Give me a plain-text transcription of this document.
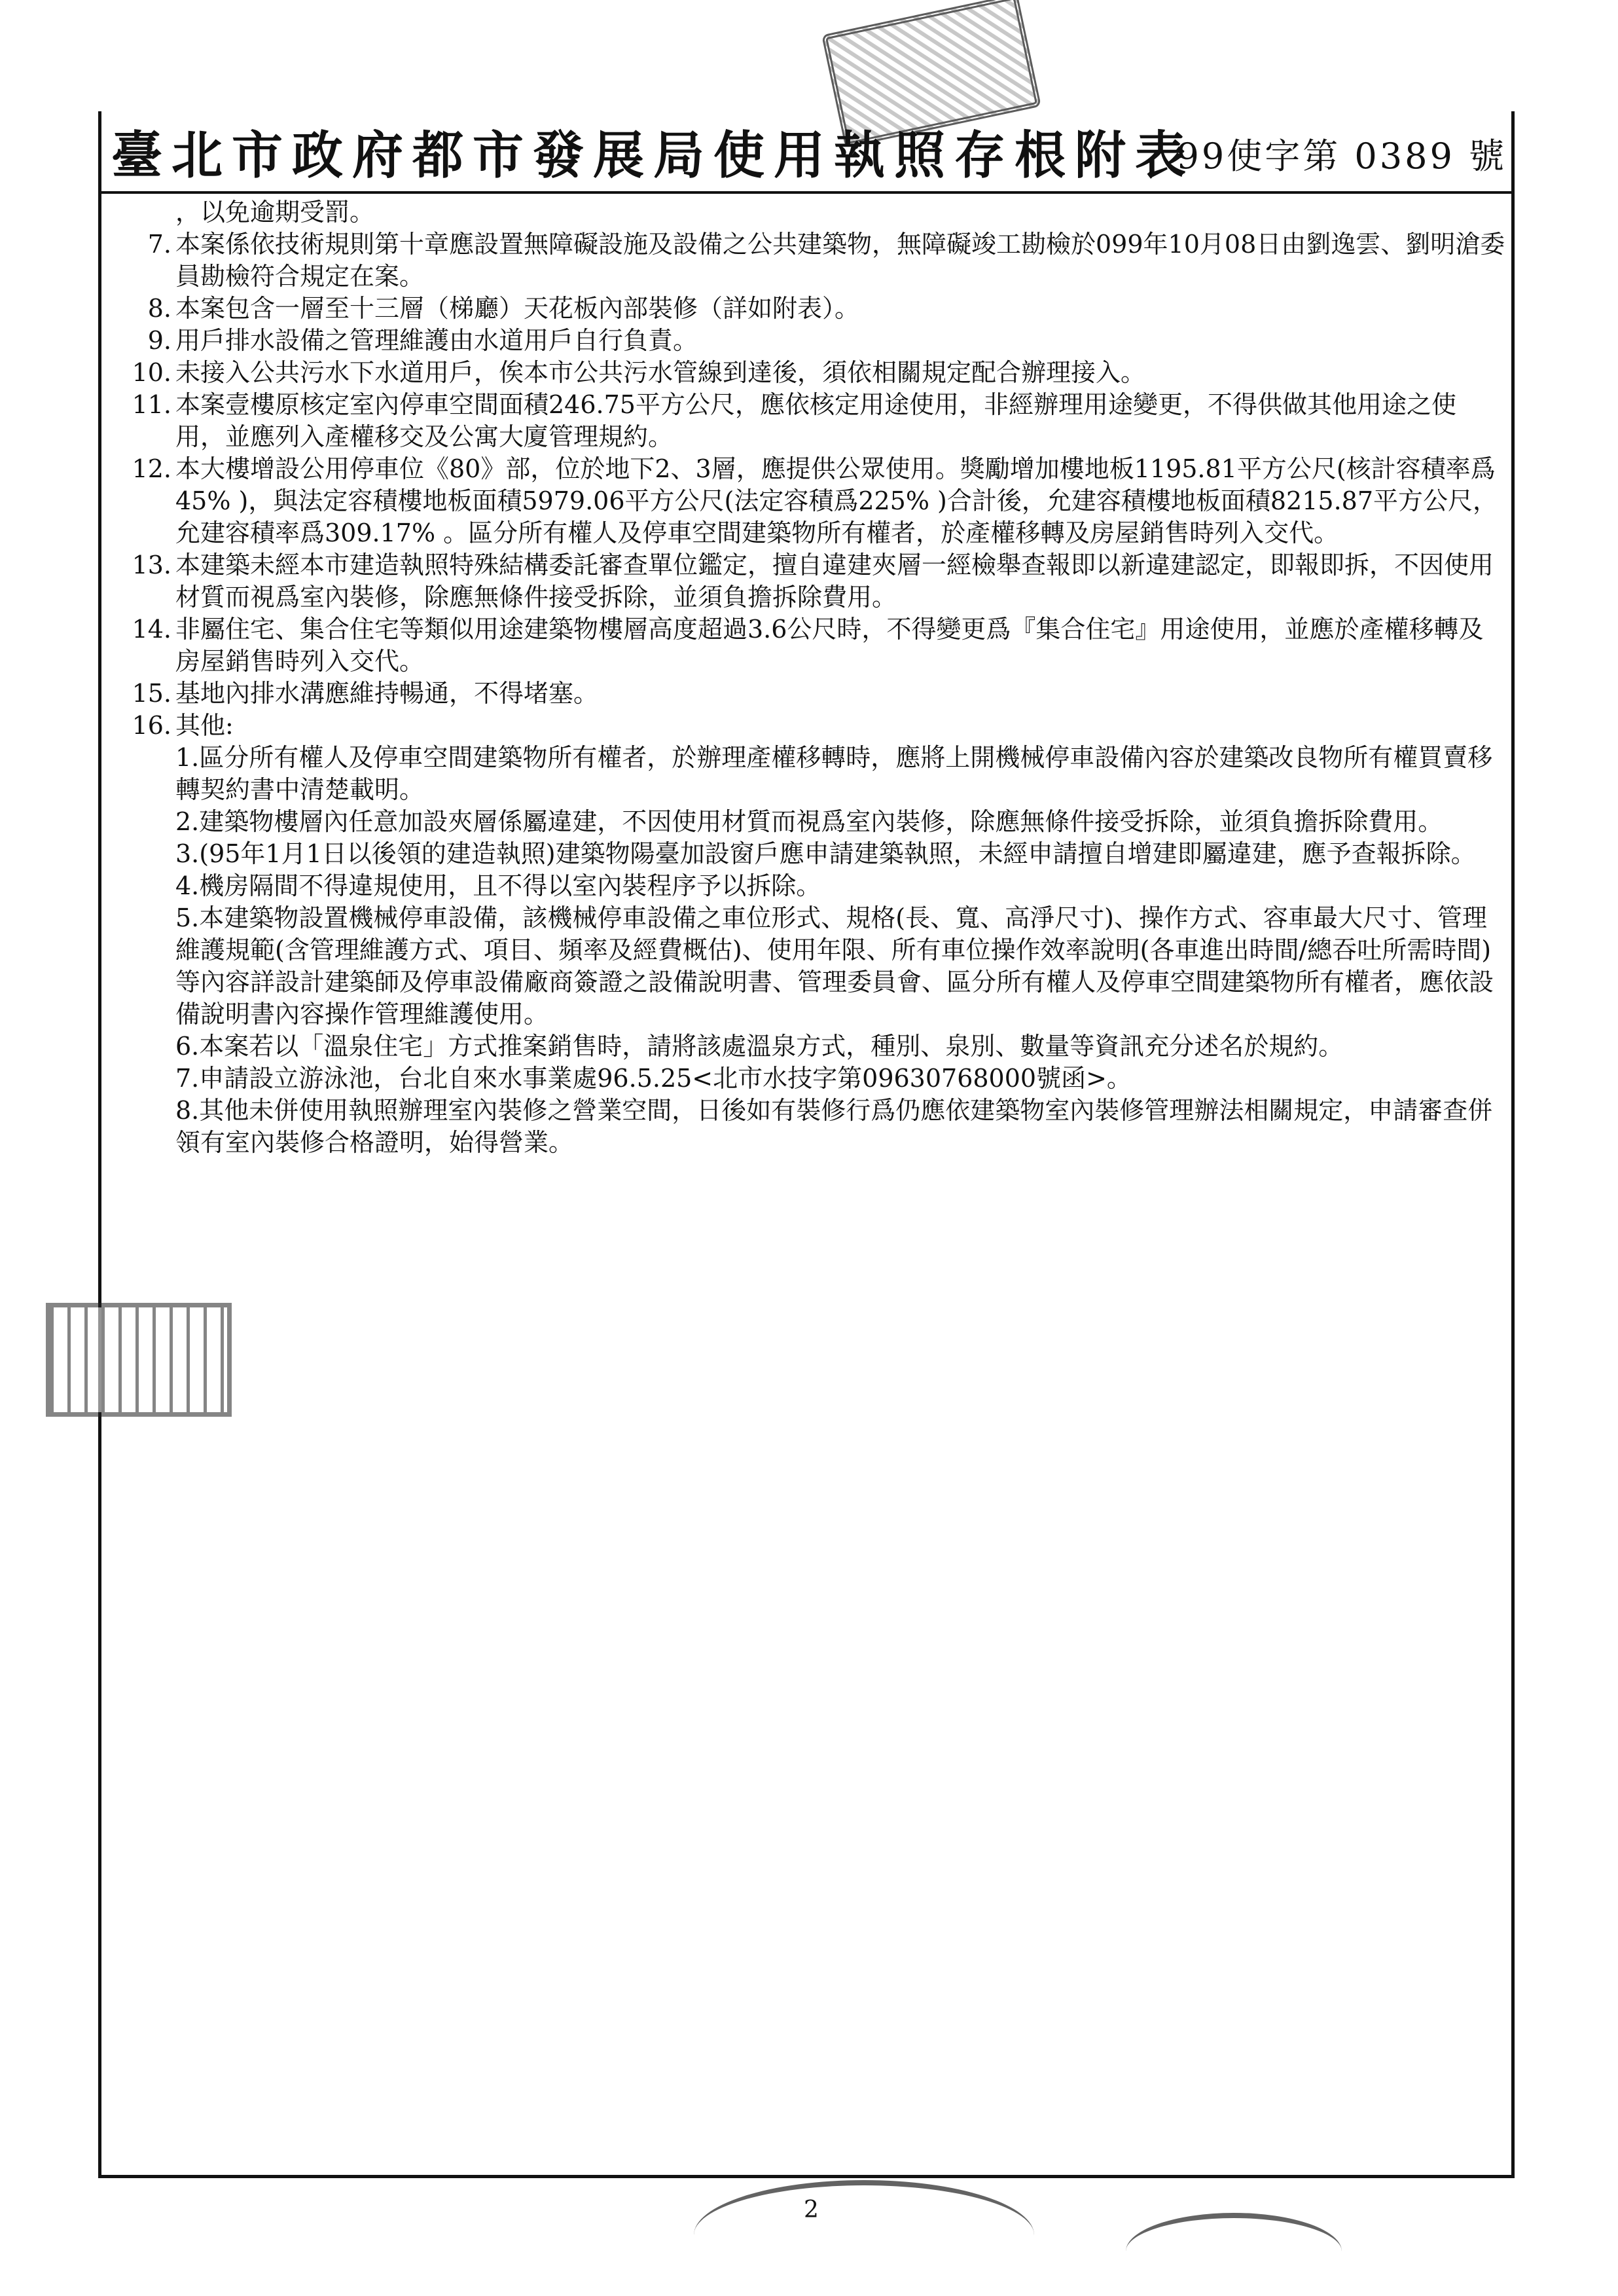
臺北市政府都市發展局使用執照存根附表
99使字第 0389 號
，以免逾期受罰。
7. 本案係依技術規則第十章應設置無障礙設施及設備之公共建築物，無障礙竣工勘檢於099年10月08日由劉逸雲、劉明滄委員勘檢符合規定在案。
8. 本案包含一層至十三層（梯廳）天花板內部裝修（詳如附表）。
9. 用戶排水設備之管理維護由水道用戶自行負責。
10. 未接入公共污水下水道用戶，俟本市公共污水管線到達後，須依相關規定配合辦理接入。
11. 本案壹樓原核定室內停車空間面積246.75平方公尺，應依核定用途使用，非經辦理用途變更，不得供做其他用途之使用，並應列入產權移交及公寓大廈管理規約。
12. 本大樓增設公用停車位《80》部，位於地下2、3層，應提供公眾使用。獎勵增加樓地板1195.81平方公尺(核計容積率爲45% )，與法定容積樓地板面積5979.06平方公尺(法定容積爲225% )合計後，允建容積樓地板面積8215.87平方公尺，允建容積率爲309.17% 。區分所有權人及停車空間建築物所有權者，於產權移轉及房屋銷售時列入交代。
13. 本建築未經本市建造執照特殊結構委託審查單位鑑定，擅自違建夾層一經檢舉查報即以新違建認定，即報即拆，不因使用材質而視爲室內裝修，除應無條件接受拆除，並須負擔拆除費用。
14. 非屬住宅、集合住宅等類似用途建築物樓層高度超過3.6公尺時，不得變更爲『集合住宅』用途使用，並應於產權移轉及房屋銷售時列入交代。
15. 基地內排水溝應維持暢通，不得堵塞。
16. 其他:
1.區分所有權人及停車空間建築物所有權者，於辦理產權移轉時，應將上開機械停車設備內容於建築改良物所有權買賣移轉契約書中清楚載明。
2.建築物樓層內任意加設夾層係屬違建，不因使用材質而視爲室內裝修，除應無條件接受拆除，並須負擔拆除費用。
3.(95年1月1日以後領的建造執照)建築物陽臺加設窗戶應申請建築執照，未經申請擅自增建即屬違建，應予查報拆除。
4.機房隔間不得違規使用，且不得以室內裝程序予以拆除。
5.本建築物設置機械停車設備，該機械停車設備之車位形式、規格(長、寬、高淨尺寸)、操作方式、容車最大尺寸、管理維護規範(含管理維護方式、項目、頻率及經費概估)、使用年限、所有車位操作效率說明(各車進出時間/總吞吐所需時間)等內容詳設計建築師及停車設備廠商簽證之設備說明書、管理委員會、區分所有權人及停車空間建築物所有權者，應依設備說明書內容操作管理維護使用。
6.本案若以「溫泉住宅」方式推案銷售時，請將該處溫泉方式，種別、泉別、數量等資訊充分述名於規約。
7.申請設立游泳池，台北自來水事業處96.5.25<北市水技字第09630768000號函>。
8.其他未併使用執照辦理室內裝修之營業空間，日後如有裝修行爲仍應依建築物室內裝修管理辦法相關規定，申請審查併領有室內裝修合格證明，始得營業。
2
